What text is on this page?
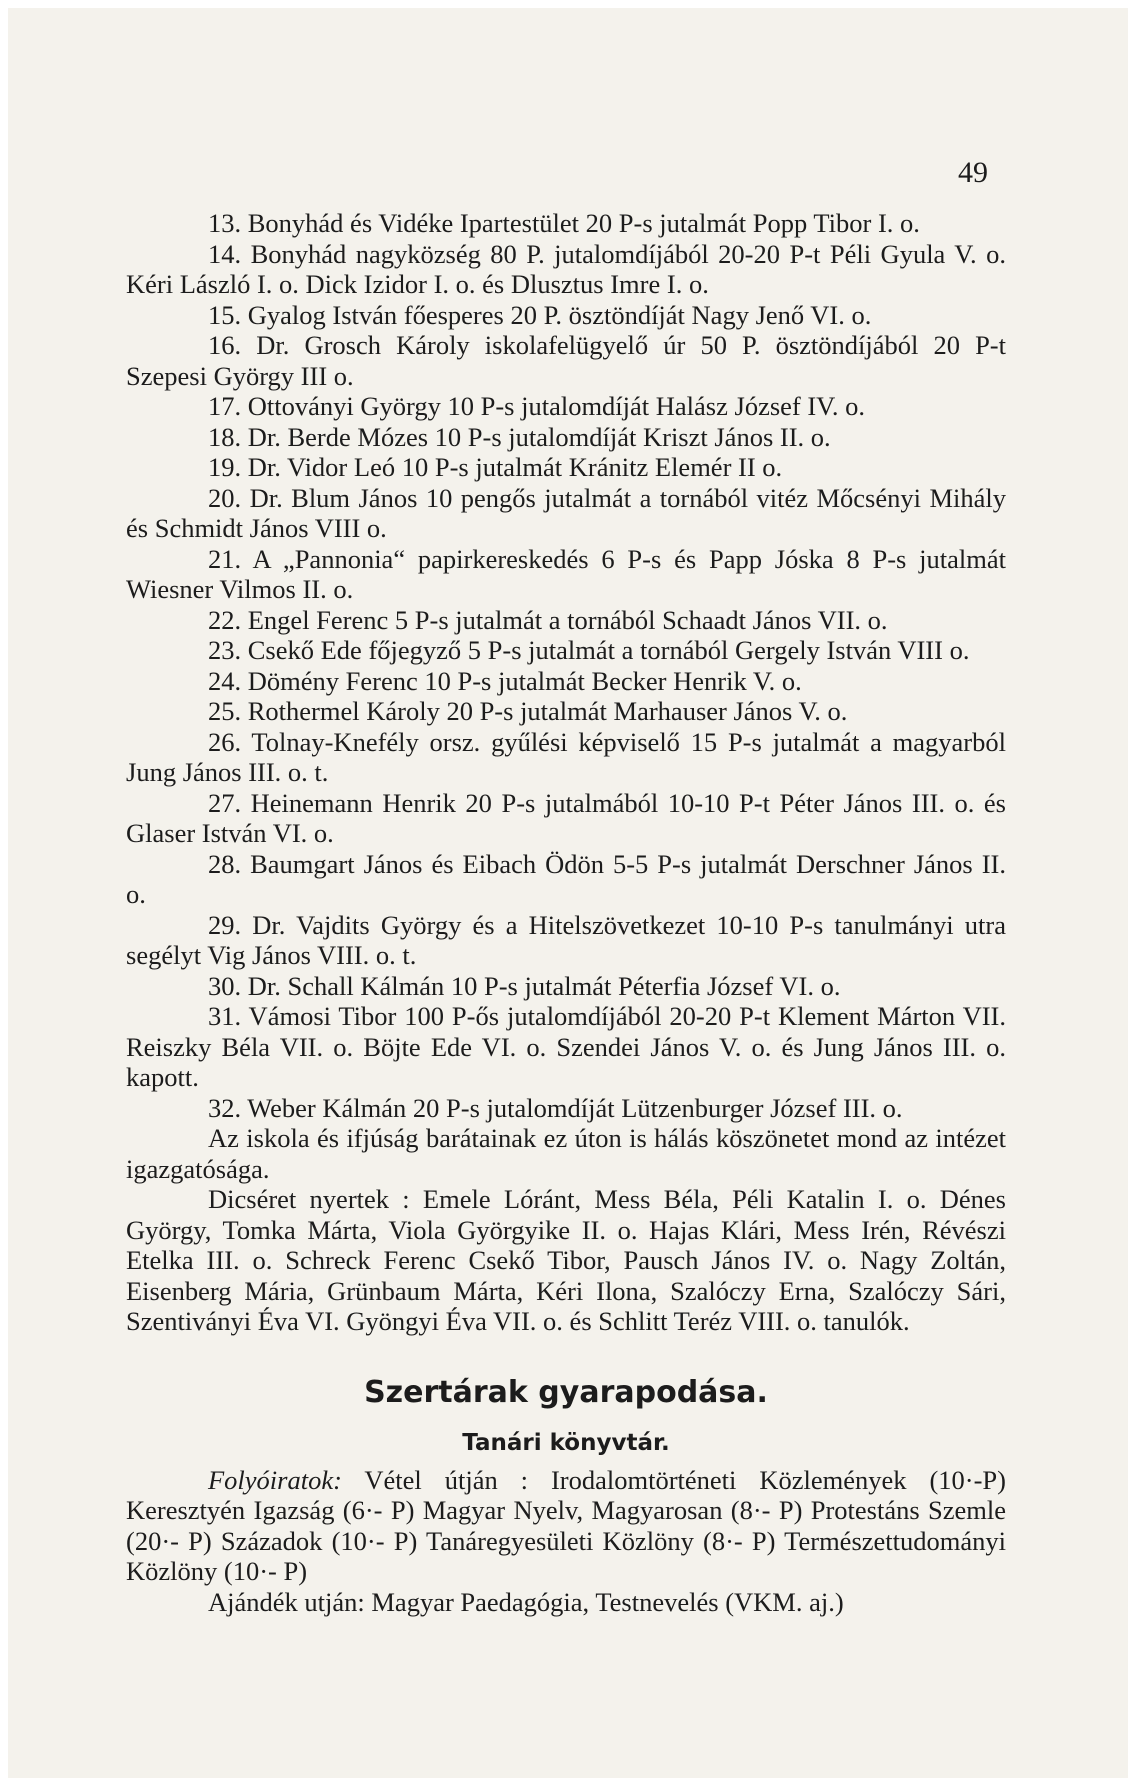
49

13. Bonyhád és Vidéke Ipartestület 20 P-s jutalmát Popp Tibor I. o.

14. Bonyhád nagyközség 80 P. jutalomdíjából 20-20 P-t Péli Gyula V. o. Kéri László I. o. Dick Izidor I. o. és Dlusztus Imre I. o.

15. Gyalog István főesperes 20 P. ösztöndíját Nagy Jenő VI. o.

16. Dr. Grosch Károly iskolafelügyelő úr 50 P. ösztöndíjából 20 P-t Szepesi György III o.

17. Ottoványi György 10 P-s jutalomdíját Halász József IV. o.

18. Dr. Berde Mózes 10 P-s jutalomdíját Kriszt János II. o.

19. Dr. Vidor Leó 10 P-s jutalmát Kránitz Elemér II o.

20. Dr. Blum János 10 pengős jutalmát a tornából vitéz Mőcsényi Mihály és Schmidt János VIII o.

21. A „Pannonia“ papirkereskedés 6 P-s és Papp Jóska 8 P-s jutalmát Wiesner Vilmos II. o.

22. Engel Ferenc 5 P-s jutalmát a tornából Schaadt János VII. o.

23. Csekő Ede főjegyző 5 P-s jutalmát a tornából Gergely István VIII o.

24. Dömény Ferenc 10 P-s jutalmát Becker Henrik V. o.

25. Rothermel Károly 20 P-s jutalmát Marhauser János V. o.

26. Tolnay-Knefély orsz. gyűlési képviselő 15 P-s jutalmát a magyarból Jung János III. o. t.

27. Heinemann Henrik 20 P-s jutalmából 10-10 P-t Péter János III. o. és Glaser István VI. o.

28. Baumgart János és Eibach Ödön 5-5 P-s jutalmát Derschner János II. o.

29. Dr. Vajdits György és a Hitelszövetkezet 10-10 P-s tanulmányi utra segélyt Vig János VIII. o. t.

30. Dr. Schall Kálmán 10 P-s jutalmát Péterfia József VI. o.

31. Vámosi Tibor 100 P-ős jutalomdíjából 20-20 P-t Klement Márton VII. Reiszky Béla VII. o. Böjte Ede VI. o. Szendei János V. o. és Jung János III. o. kapott.

32. Weber Kálmán 20 P-s jutalomdíját Lützenburger József III. o.

Az iskola és ifjúság barátainak ez úton is hálás köszönetet mond az intézet igazgatósága.

Dicséret nyertek : Emele Lóránt, Mess Béla, Péli Katalin I. o. Dénes György, Tomka Márta, Viola Györgyike II. o. Hajas Klári, Mess Irén, Révészi Etelka III. o. Schreck Ferenc Csekő Tibor, Pausch János IV. o. Nagy Zoltán, Eisenberg Mária, Grünbaum Márta, Kéri Ilona, Szalóczy Erna, Szalóczy Sári, Szentiványi Éva VI. Gyöngyi Éva VII. o. és Schlitt Teréz VIII. o. tanulók.

Szertárak gyarapodása.

Tanári könyvtár.

Folyóiratok: Vétel útján : Irodalomtörténeti Közlemények (10·-P) Keresztyén Igazság (6·- P) Magyar Nyelv, Magyarosan (8·- P) Protestáns Szemle (20·- P) Századok (10·- P) Tanáregyesületi Közlöny (8·- P) Természettudományi Közlöny (10·- P)

Ajándék utján: Magyar Paedagógia, Testnevelés (VKM. aj.)
